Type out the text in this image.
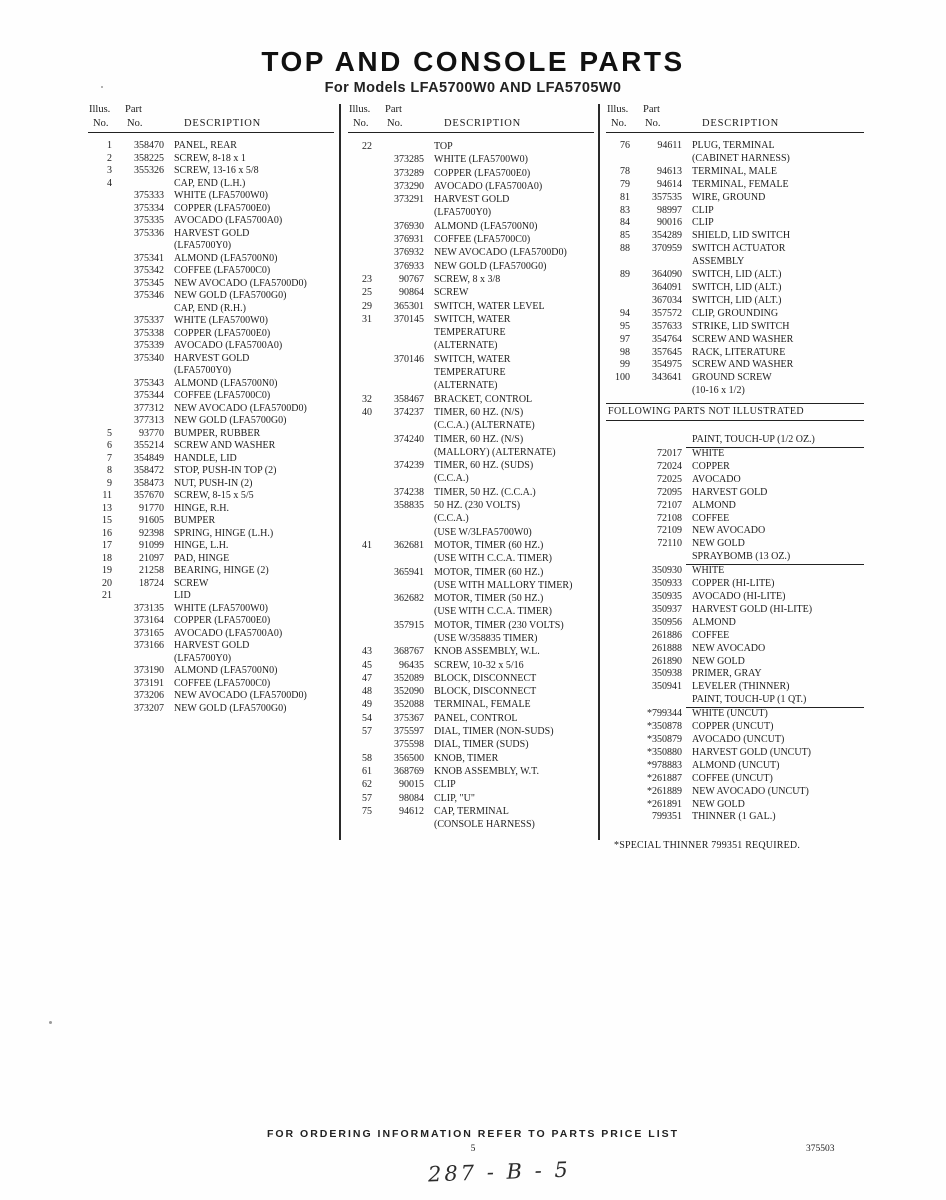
TOP AND CONSOLE PARTS
For Models LFA5700W0 AND LFA5705W0
Illus. Part
No. No.	DESCRIPTION
1	358470	PANEL, REAR
2	358225	SCREW, 8-18 x 1
3	355326	SCREW, 13-16 x 5/8
4	CAP, END (L.H.)
375333	WHITE (LFA5700W0)
375334	COPPER (LFA5700E0)
375335	AVOCADO (LFA5700A0)
375336	HARVEST GOLD
(LFA5700Y0)
375341	ALMOND (LFA5700N0)
375342	COFFEE (LFA5700C0)
375345	NEW AVOCADO (LFA5700D0)
375346	NEW GOLD (LFA5700G0)
CAP, END (R.H.)
375337	WHITE (LFA5700W0)
375338	COPPER (LFA5700E0)
375339	AVOCADO (LFA5700A0)
375340	HARVEST GOLD
(LFA5700Y0)
375343	ALMOND (LFA5700N0)
375344	COFFEE (LFA5700C0)
377312	NEW AVOCADO (LFA5700D0)
377313	NEW GOLD (LFA5700G0)
5	93770	BUMPER, RUBBER
6	355214	SCREW AND WASHER
7	354849	HANDLE, LID
8	358472	STOP, PUSH-IN TOP (2)
9	358473	NUT, PUSH-IN (2)
11	357670	SCREW, 8-15 x 5/5
13	91770	HINGE, R.H.
15	91605	BUMPER
16	92398	SPRING, HINGE (L.H.)
17	91099	HINGE, L.H.
18	21097	PAD, HINGE
19	21258	BEARING, HINGE (2)
20	18724	SCREW
21	LID
373135	WHITE (LFA5700W0)
373164	COPPER (LFA5700E0)
373165	AVOCADO (LFA5700A0)
373166	HARVEST GOLD
(LFA5700Y0)
373190	ALMOND (LFA5700N0)
373191	COFFEE (LFA5700C0)
373206	NEW AVOCADO (LFA5700D0)
373207	NEW GOLD (LFA5700G0)
Illus. Part
No. No.	DESCRIPTION
22	TOP
373285	WHITE (LFA5700W0)
373289	COPPER (LFA5700E0)
373290	AVOCADO (LFA5700A0)
373291	HARVEST GOLD
(LFA5700Y0)
376930	ALMOND (LFA5700N0)
376931	COFFEE (LFA5700C0)
376932	NEW AVOCADO (LFA5700D0)
376933	NEW GOLD (LFA5700G0)
23	90767	SCREW, 8 x 3/8
25	90864	SCREW
29	365301	SWITCH, WATER LEVEL
31	370145	SWITCH, WATER
TEMPERATURE
(ALTERNATE)
370146	SWITCH, WATER
TEMPERATURE
(ALTERNATE)
32	358467	BRACKET, CONTROL
40	374237	TIMER, 60 HZ. (N/S)
(C.C.A.) (ALTERNATE)
374240	TIMER, 60 HZ. (N/S)
(MALLORY) (ALTERNATE)
374239	TIMER, 60 HZ. (SUDS)
(C.C.A.)
374238	TIMER, 50 HZ. (C.C.A.)
358835	50 HZ. (230 VOLTS)
(C.C.A.)
(USE W/3LFA5700W0)
41	362681	MOTOR, TIMER (60 HZ.)
(USE WITH C.C.A. TIMER)
365941	MOTOR, TIMER (60 HZ.)
(USE WITH MALLORY TIMER)
362682	MOTOR, TIMER (50 HZ.)
(USE WITH C.C.A. TIMER)
357915	MOTOR, TIMER (230 VOLTS)
(USE W/358835 TIMER)
43	368767	KNOB ASSEMBLY, W.L.
45	96435	SCREW, 10-32 x 5/16
47	352089	BLOCK, DISCONNECT
48	352090	BLOCK, DISCONNECT
49	352088	TERMINAL, FEMALE
54	375367	PANEL, CONTROL
57	375597	DIAL, TIMER (NON-SUDS)
375598	DIAL, TIMER (SUDS)
58	356500	KNOB, TIMER
61	368769	KNOB ASSEMBLY, W.T.
62	90015	CLIP
57	98084	CLIP, "U"
75	94612	CAP, TERMINAL
(CONSOLE HARNESS)
Illus. Part
No. No.	DESCRIPTION
76	94611	PLUG, TERMINAL
(CABINET HARNESS)
78	94613	TERMINAL, MALE
79	94614	TERMINAL, FEMALE
81	357535	WIRE, GROUND
83	98997	CLIP
84	90016	CLIP
85	354289	SHIELD, LID SWITCH
88	370959	SWITCH ACTUATOR
ASSEMBLY
89	364090	SWITCH, LID (ALT.)
364091	SWITCH, LID (ALT.)
367034	SWITCH, LID (ALT.)
94	357572	CLIP, GROUNDING
95	357633	STRIKE, LID SWITCH
97	354764	SCREW AND WASHER
98	357645	RACK, LITERATURE
99	354975	SCREW AND WASHER
100	343641	GROUND SCREW
(10-16 x 1/2)
FOLLOWING PARTS NOT ILLUSTRATED
PAINT, TOUCH-UP (1/2 OZ.)
72017	WHITE
72024	COPPER
72025	AVOCADO
72095	HARVEST GOLD
72107	ALMOND
72108	COFFEE
72109	NEW AVOCADO
72110	NEW GOLD
SPRAYBOMB (13 OZ.)
350930	WHITE
350933	COPPER (HI-LITE)
350935	AVOCADO (HI-LITE)
350937	HARVEST GOLD (HI-LITE)
350956	ALMOND
261886	COFFEE
261888	NEW AVOCADO
261890	NEW GOLD
350938	PRIMER, GRAY
350941	LEVELER (THINNER)
PAINT, TOUCH-UP (1 QT.)
*799344	WHITE (UNCUT)
*350878	COPPER (UNCUT)
*350879	AVOCADO (UNCUT)
*350880	HARVEST GOLD (UNCUT)
*978883	ALMOND (UNCUT)
*261887	COFFEE (UNCUT)
*261889	NEW AVOCADO (UNCUT)
*261891	NEW GOLD
799351	THINNER (1 GAL.)
*SPECIAL THINNER 799351 REQUIRED.
FOR ORDERING INFORMATION REFER TO PARTS PRICE LIST
5	375503
287 - B - 5
